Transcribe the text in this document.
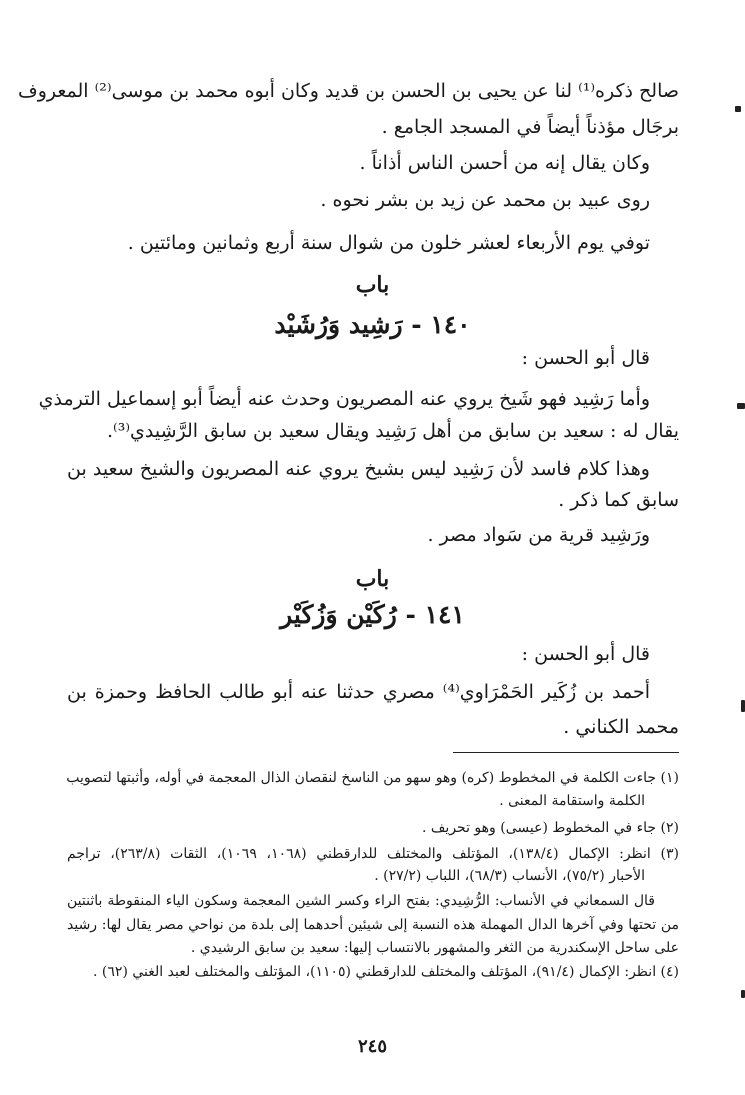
صالح ذكره⁽¹⁾ لنا عن يحيى بن الحسن بن قديد وكان أبوه محمد بن موسى⁽²⁾ المعروف
برجَال مؤذناً أيضاً في المسجد الجامع .
وكان يقال إنه من أحسن الناس أذاناً .
روى عبيد بن محمد عن زيد بن بشر نحوه .
توفي يوم الأربعاء لعشر خلون من شوال سنة أربع وثمانين ومائتين .
باب
١٤٠ - رَشِيد وَرُشَيْد
قال أبو الحسن :
وأما رَشِيد فهو شَيخ يروي عنه المصريون وحدث عنه أيضاً أبو إسماعيل الترمذي
يقال له : سعيد بن سابق من أهل رَشِيد ويقال سعيد بن سابق الرَّشِيدي⁽³⁾.
وهذا كلام فاسد لأن رَشِيد ليس بشيخ يروي عنه المصريون والشيخ سعيد بن
سابق كما ذكر .
ورَشِيد قرية من سَواد مصر .
باب
١٤١ - رُكَيْن وَزُكَيْر
قال أبو الحسن :
أحمد بن زُكَير الحَمْرَاوي⁽⁴⁾ مصري حدثنا عنه أبو طالب الحافظ وحمزة بن
محمد الكناني .
(١) جاءت الكلمة في المخطوط (كره) وهو سهو من الناسخ لنقصان الذال المعجمة في أوله، وأثبتها لتصويب
الكلمة واستقامة المعنى .
(٢) جاء في المخطوط (عيسى) وهو تحريف .
(٣) انظر: الإكمال (١٣٨/٤)، المؤتلف والمختلف للدارقطني (١٠٦٨، ١٠٦٩)، الثقات (٢٦٣/٨)، تراجم
الأحبار (٧٥/٢)، الأنساب (٦٨/٣)، اللباب (٢٧/٢) .
قال السمعاني في الأنساب: الرُّشِيدي: بفتح الراء وكسر الشين المعجمة وسكون الياء المنقوطة باثنتين
من تحتها وفي آخرها الدال المهملة هذه النسبة إلى شيئين أحدهما إلى بلدة من نواحي مصر يقال لها: رشيد
على ساحل الإسكندرية من الثغر والمشهور بالانتساب إليها: سعيد بن سابق الرشيدي .
(٤) انظر: الإكمال (٩١/٤)، المؤتلف والمختلف للدارقطني (١١٠٥)، المؤتلف والمختلف لعبد الغني (٦٢) .
٢٤٥
